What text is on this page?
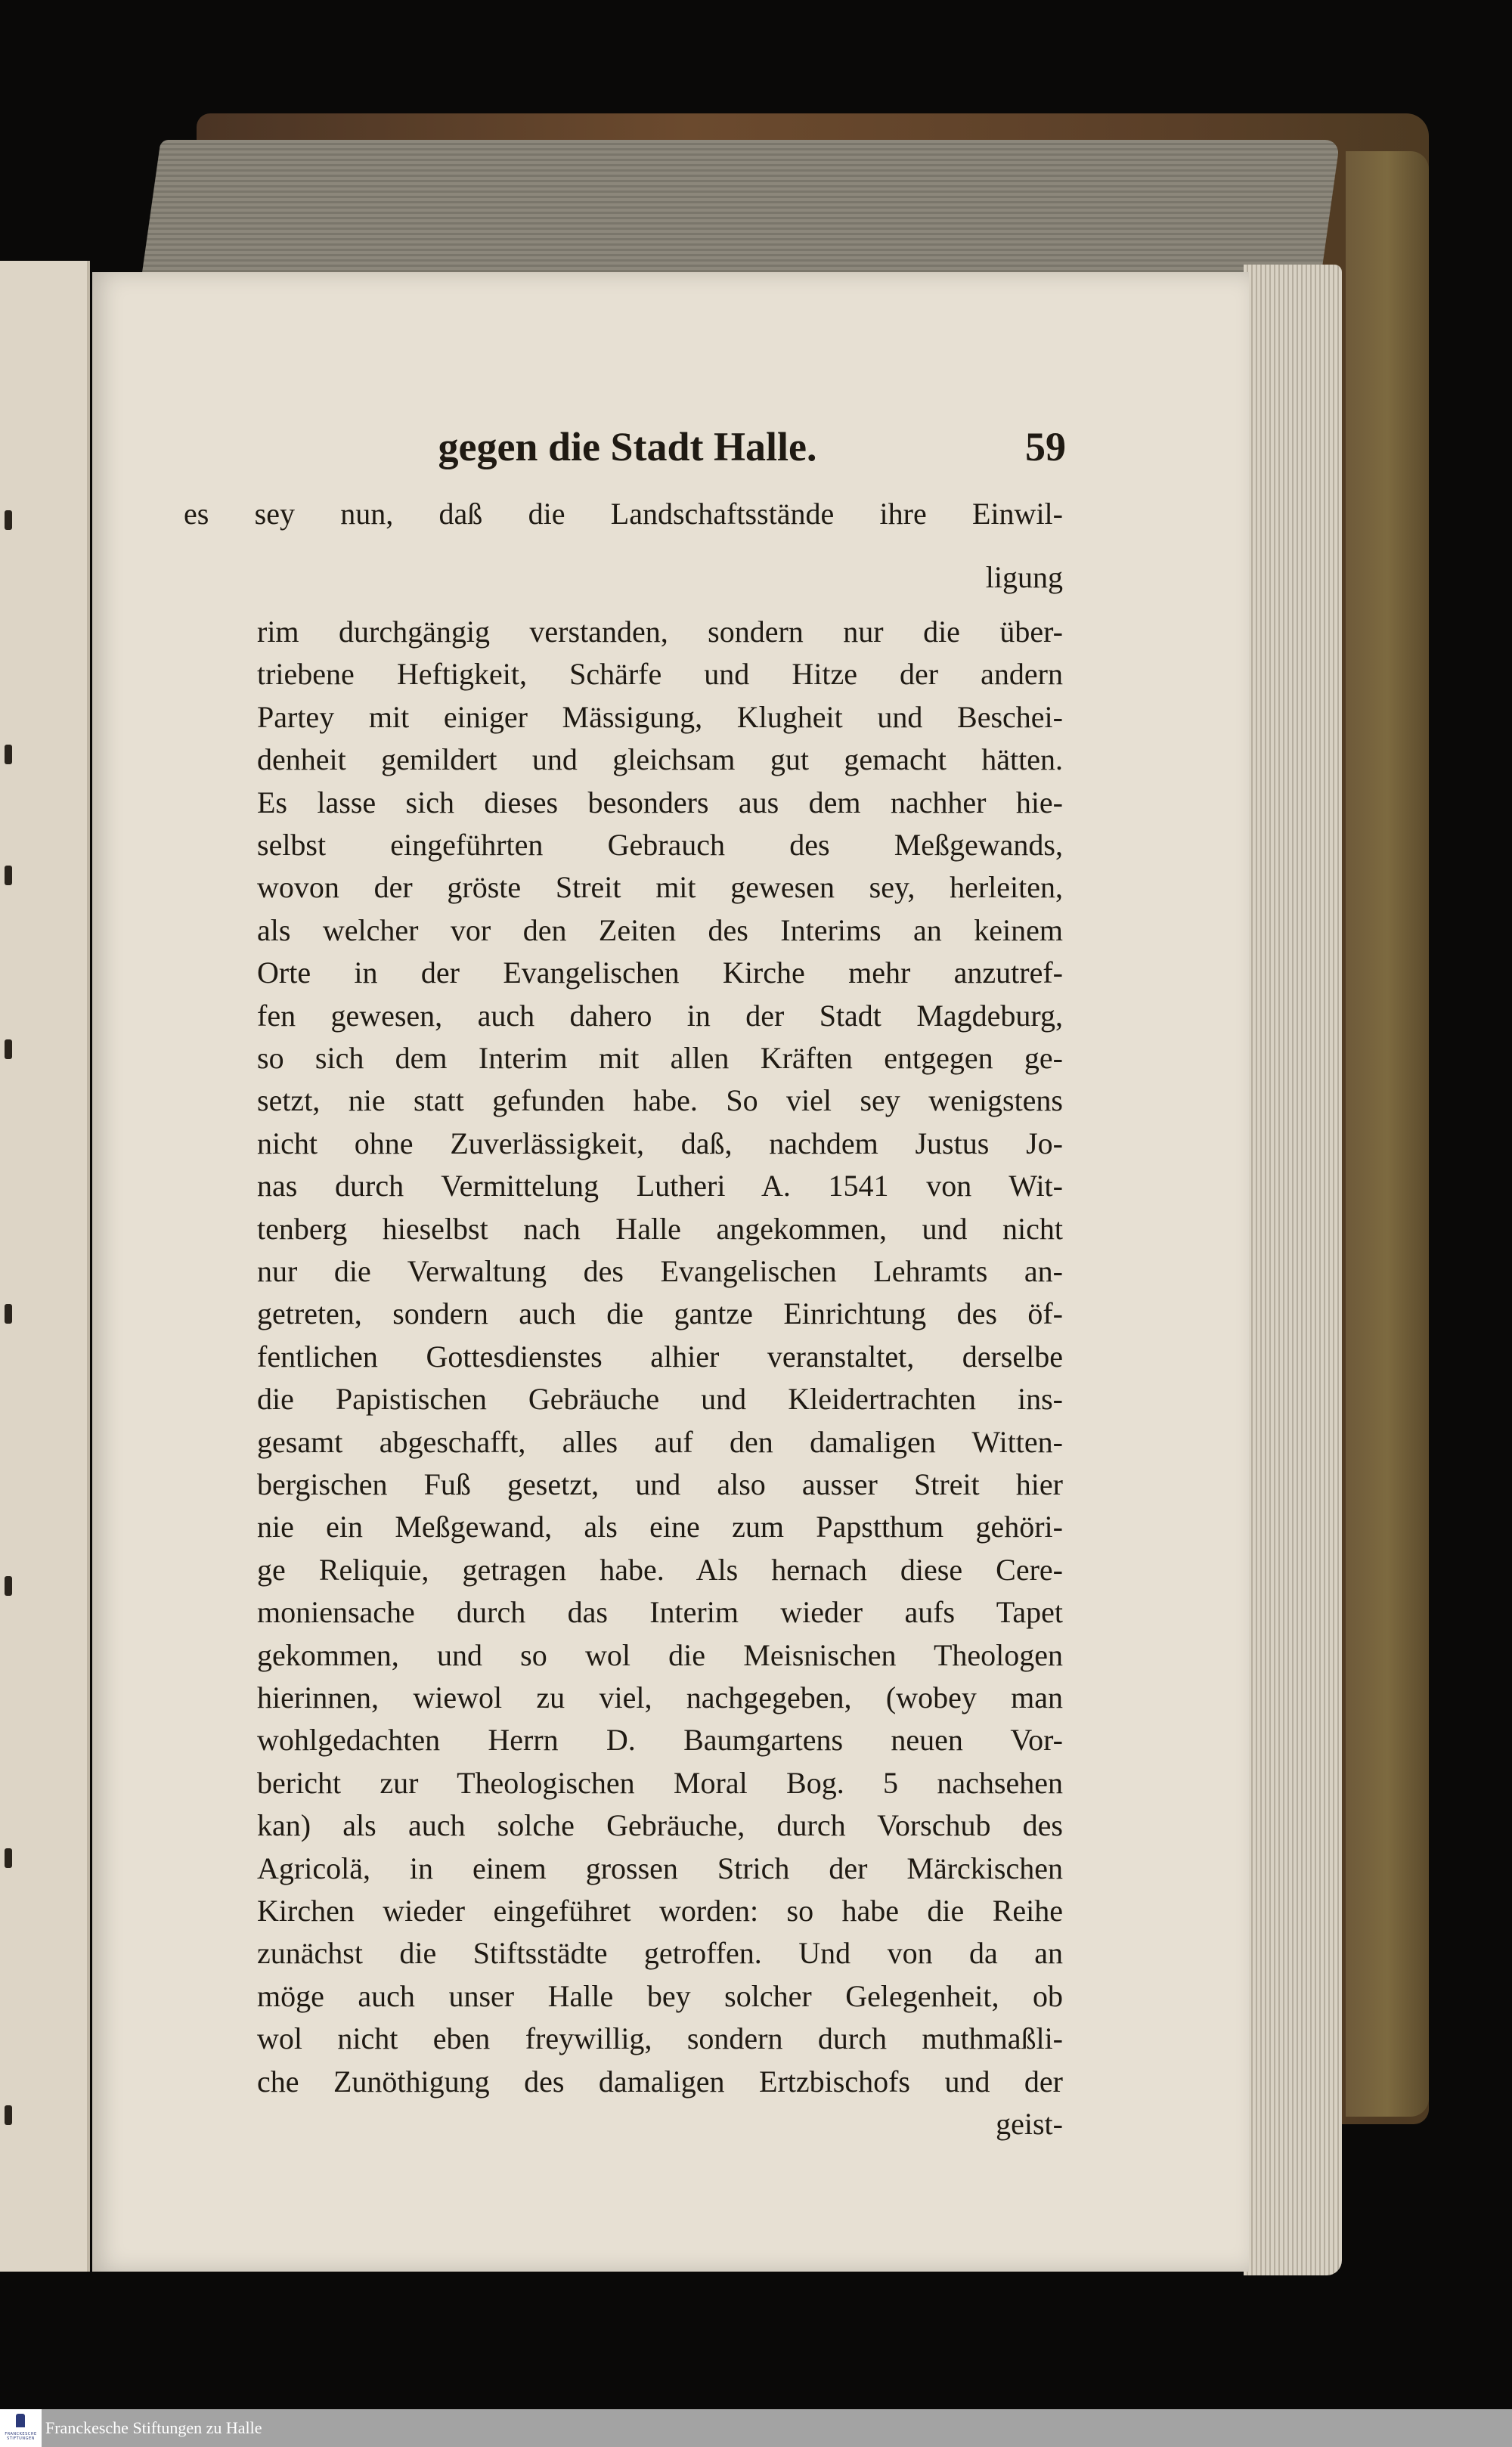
gegen die Stadt Halle.	59
es sey nun, daß die Landschaftsstände ihre Einwil-
ligung
rim durchgängig verstanden, sondern nur die über-
triebene Heftigkeit, Schärfe und Hitze der andern
Partey mit einiger Mässigung, Klugheit und Beschei-
denheit gemildert und gleichsam gut gemacht hätten.
Es lasse sich dieses besonders aus dem nachher hie-
selbst eingeführten Gebrauch des Meßgewands,
wovon der gröste Streit mit gewesen sey, herleiten,
als welcher vor den Zeiten des Interims an keinem
Orte in der Evangelischen Kirche mehr anzutref-
fen gewesen, auch dahero in der Stadt Magdeburg,
so sich dem Interim mit allen Kräften entgegen ge-
setzt, nie statt gefunden habe. So viel sey wenigstens
nicht ohne Zuverlässigkeit, daß, nachdem Justus Jo-
nas durch Vermittelung Lutheri A. 1541 von Wit-
tenberg hieselbst nach Halle angekommen, und nicht
nur die Verwaltung des Evangelischen Lehramts an-
getreten, sondern auch die gantze Einrichtung des öf-
fentlichen Gottesdienstes alhier veranstaltet, derselbe
die Papistischen Gebräuche und Kleidertrachten ins-
gesamt abgeschafft, alles auf den damaligen Witten-
bergischen Fuß gesetzt, und also ausser Streit hier
nie ein Meßgewand, als eine zum Papstthum gehöri-
ge Reliquie, getragen habe. Als hernach diese Cere-
moniensache durch das Interim wieder aufs Tapet
gekommen, und so wol die Meisnischen Theologen
hierinnen, wiewol zu viel, nachgegeben, (wobey man
wohlgedachten Herrn D. Baumgartens neuen Vor-
bericht zur Theologischen Moral Bog. 5 nachsehen
kan) als auch solche Gebräuche, durch Vorschub des
Agricolä, in einem grossen Strich der Märckischen
Kirchen wieder eingeführet worden: so habe die Reihe
zunächst die Stiftsstädte getroffen. Und von da an
möge auch unser Halle bey solcher Gelegenheit, ob
wol nicht eben freywillig, sondern durch muthmaßli-
che Zunöthigung des damaligen Ertzbischofs und der
geist-
FRANCKESCHE STIFTUNGEN
Franckesche Stiftungen zu Halle
